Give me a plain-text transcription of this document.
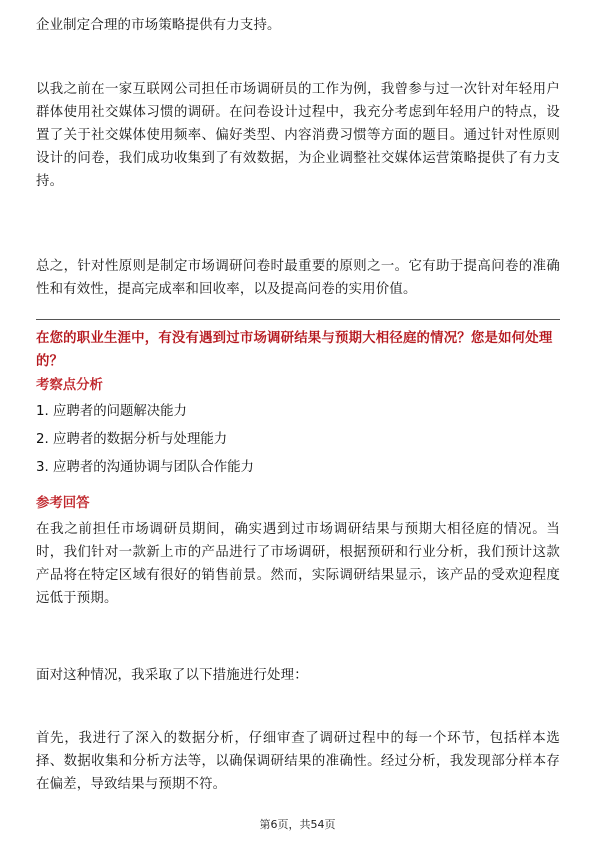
企业制定合理的市场策略提供有力支持。

以我之前在一家互联网公司担任市场调研员的工作为例，我曾参与过一次针对年轻用户群体使用社交媒体习惯的调研。在问卷设计过程中，我充分考虑到年轻用户的特点，设置了关于社交媒体使用频率、偏好类型、内容消费习惯等方面的题目。通过针对性原则设计的问卷，我们成功收集到了有效数据，为企业调整社交媒体运营策略提供了有力支持。

总之，针对性原则是制定市场调研问卷时最重要的原则之一。它有助于提高问卷的准确性和有效性，提高完成率和回收率，以及提高问卷的实用价值。

在您的职业生涯中，有没有遇到过市场调研结果与预期大相径庭的情况？您是如何处理的？

考察点分析

1. 应聘者的问题解决能力

2. 应聘者的数据分析与处理能力

3. 应聘者的沟通协调与团队合作能力

参考回答

在我之前担任市场调研员期间，确实遇到过市场调研结果与预期大相径庭的情况。当时，我们针对一款新上市的产品进行了市场调研，根据预研和行业分析，我们预计这款产品将在特定区域有很好的销售前景。然而，实际调研结果显示，该产品的受欢迎程度远低于预期。

面对这种情况，我采取了以下措施进行处理：

首先，我进行了深入的数据分析，仔细审查了调研过程中的每一个环节，包括样本选择、数据收集和分析方法等，以确保调研结果的准确性。经过分析，我发现部分样本存在偏差，导致结果与预期不符。

第6页，共54页
